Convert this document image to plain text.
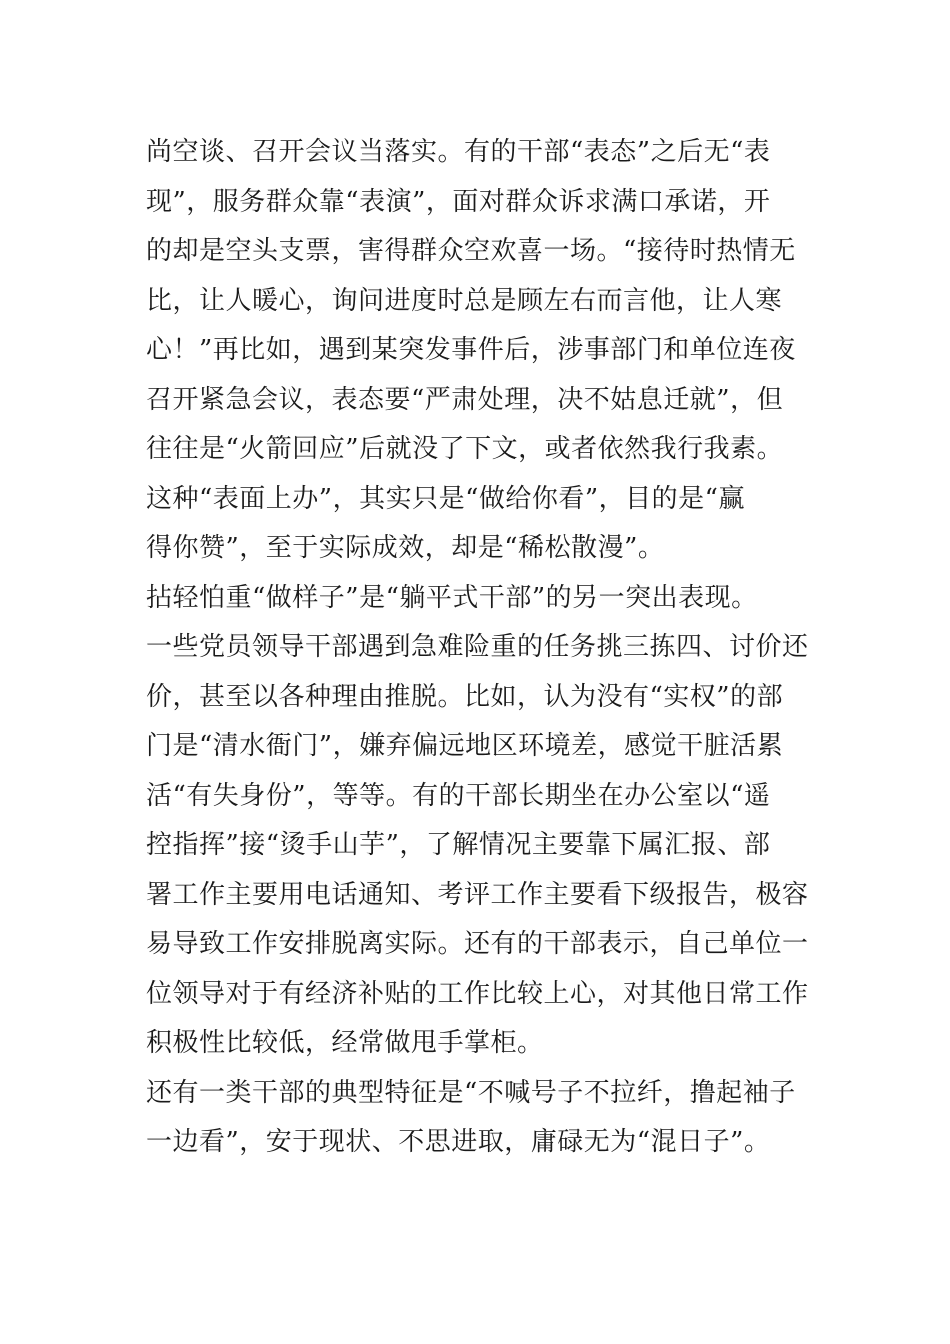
尚空谈、召开会议当落实。有的干部“表态”之后无“表
现”，服务群众靠“表演”，面对群众诉求满口承诺，开
的却是空头支票，害得群众空欢喜一场。“接待时热情无
比，让人暖心，询问进度时总是顾左右而言他，让人寒
心！”再比如，遇到某突发事件后，涉事部门和单位连夜
召开紧急会议，表态要“严肃处理，决不姑息迁就”，但
往往是“火箭回应”后就没了下文，或者依然我行我素。
这种“表面上办”，其实只是“做给你看”，目的是“赢
得你赞”，至于实际成效，却是“稀松散漫”。
拈轻怕重“做样子”是“躺平式干部”的另一突出表现。
一些党员领导干部遇到急难险重的任务挑三拣四、讨价还
价，甚至以各种理由推脱。比如，认为没有“实权”的部
门是“清水衙门”，嫌弃偏远地区环境差，感觉干脏活累
活“有失身份”，等等。有的干部长期坐在办公室以“遥
控指挥”接“烫手山芋”，了解情况主要靠下属汇报、部
署工作主要用电话通知、考评工作主要看下级报告，极容
易导致工作安排脱离实际。还有的干部表示，自己单位一
位领导对于有经济补贴的工作比较上心，对其他日常工作
积极性比较低，经常做甩手掌柜。
还有一类干部的典型特征是“不喊号子不拉纤，撸起袖子
一边看”，安于现状、不思进取，庸碌无为“混日子”。
